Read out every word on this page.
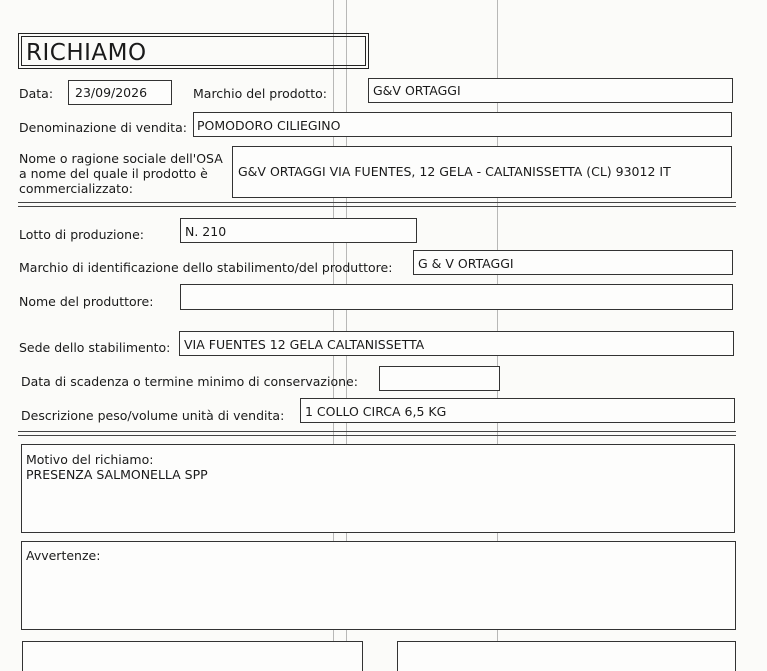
RICHIAMO
Data: 23/09/2026	Marchio del prodotto:	G&V ORTAGGI
Denominazione di vendita: POMODORO CILIEGINO
Nome o ragione sociale dell'OSA
a nome del quale il prodotto è
commercializzato:
G&V ORTAGGI VIA FUENTES, 12 GELA - CALTANISSETTA (CL) 93012 IT
Lotto di produzione:	N. 210
Marchio di identificazione dello stabilimento/del produttore: G & V ORTAGGI
Nome del produttore:
Sede dello stabilimento: VIA FUENTES 12 GELA CALTANISSETTA
Data di scadenza o termine minimo di conservazione:
Descrizione peso/volume unità di vendita: 1 COLLO CIRCA 6,5 KG
Motivo del richiamo:
PRESENZA SALMONELLA SPP
Avvertenze:
